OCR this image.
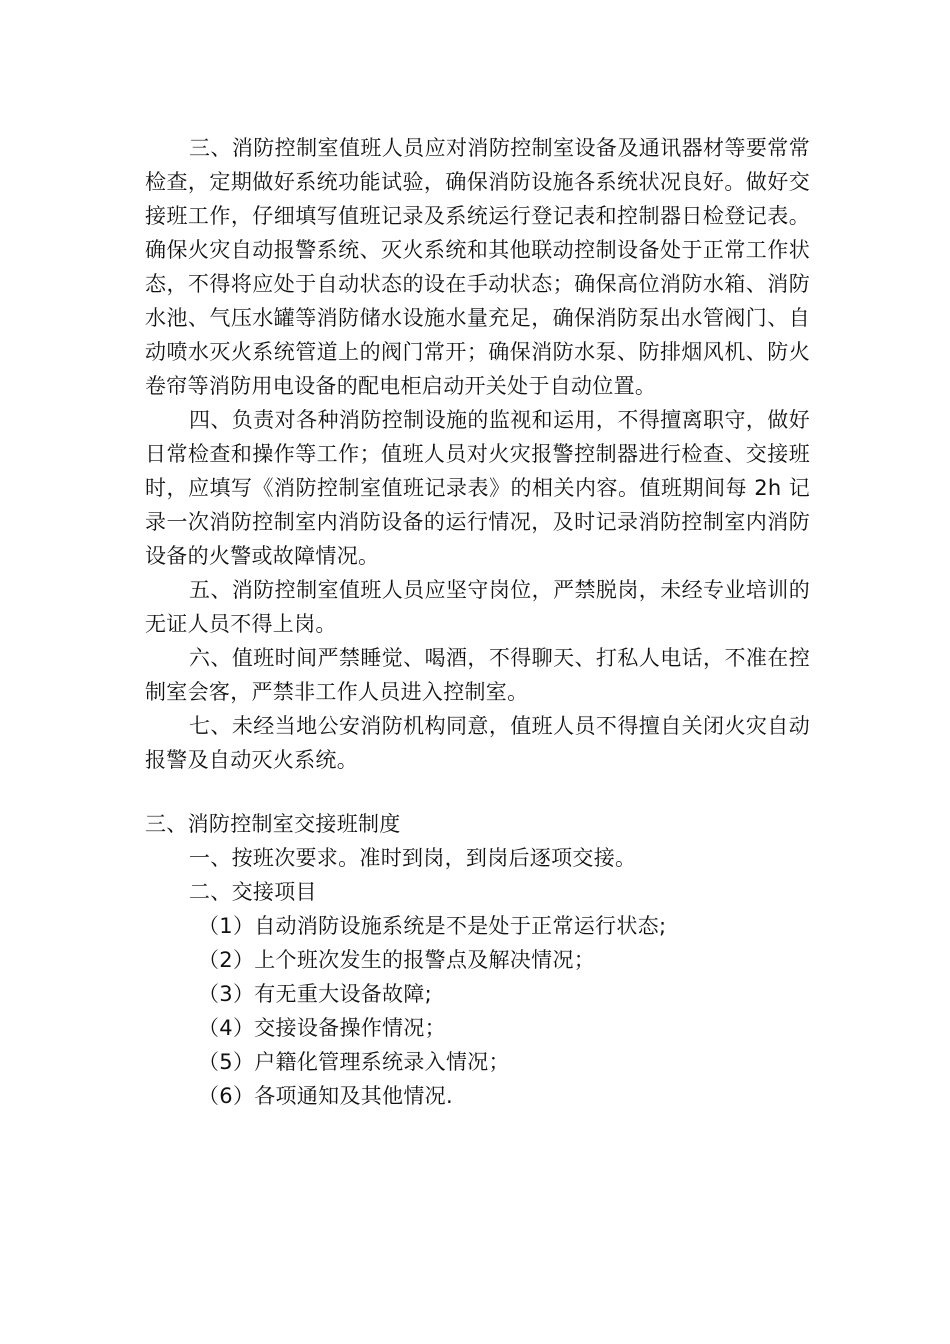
三、消防控制室值班人员应对消防控制室设备及通讯器材等要常常检查，定期做好系统功能试验，确保消防设施各系统状况良好。做好交接班工作，仔细填写值班记录及系统运行登记表和控制器日检登记表。确保火灾自动报警系统、灭火系统和其他联动控制设备处于正常工作状态，不得将应处于自动状态的设在手动状态；确保高位消防水箱、消防水池、气压水罐等消防储水设施水量充足，确保消防泵出水管阀门、自动喷水灭火系统管道上的阀门常开；确保消防水泵、防排烟风机、防火卷帘等消防用电设备的配电柜启动开关处于自动位置。

四、负责对各种消防控制设施的监视和运用，不得擅离职守，做好日常检查和操作等工作；值班人员对火灾报警控制器进行检查、交接班时，应填写《消防控制室值班记录表》的相关内容。值班期间每 2h 记录一次消防控制室内消防设备的运行情况，及时记录消防控制室内消防设备的火警或故障情况。

五、消防控制室值班人员应坚守岗位，严禁脱岗，未经专业培训的无证人员不得上岗。

六、值班时间严禁睡觉、喝酒，不得聊天、打私人电话，不准在控制室会客，严禁非工作人员进入控制室。

七、未经当地公安消防机构同意，值班人员不得擅自关闭火灾自动报警及自动灭火系统。

三、消防控制室交接班制度

一、按班次要求。准时到岗，到岗后逐项交接。

二、交接项目

（1）自动消防设施系统是不是处于正常运行状态;

（2）上个班次发生的报警点及解决情况；

（3）有无重大设备故障;

（4）交接设备操作情况；

（5）户籍化管理系统录入情况；

（6）各项通知及其他情况.
